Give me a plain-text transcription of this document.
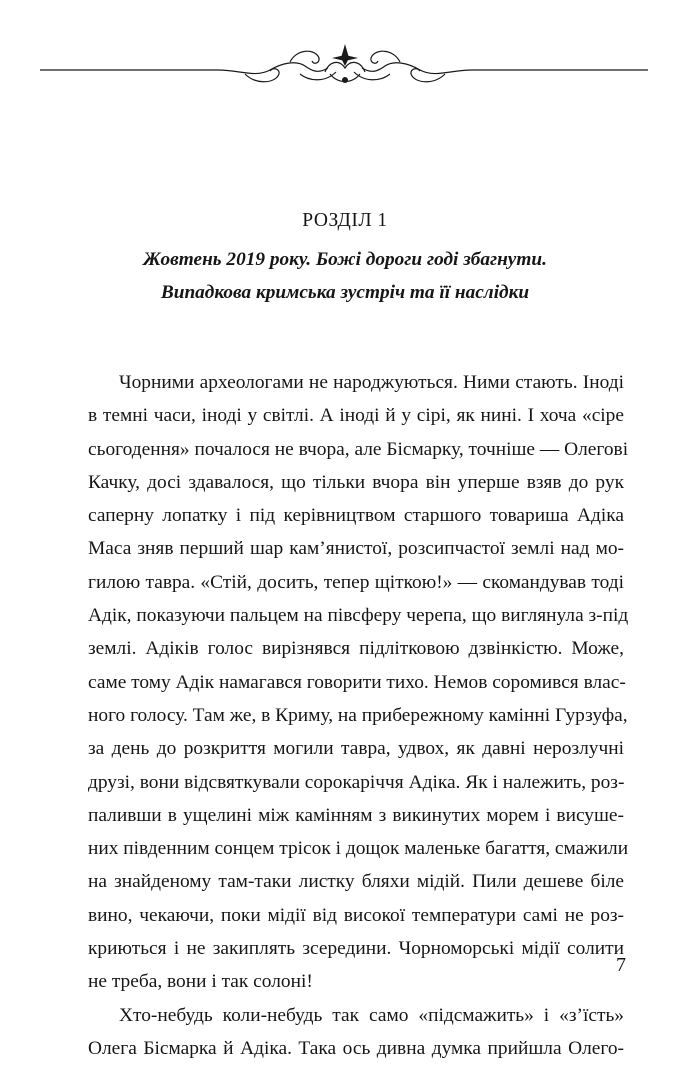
РОЗДІЛ 1
Жовтень 2019 року. Божі дороги годі збагнути.
Випадкова кримська зустріч та її наслідки
Чорними археологами не народжуються. Ними стають. Іноді
в темні часи, іноді у світлі. А іноді й у сірі, як нині. І хоча «сіре
сьогодення» почалося не вчора, але Бісмарку, точніше — Олегові
Качку, досі здавалося, що тільки вчора він уперше взяв до рук
саперну лопатку і під керівництвом старшого товариша Адіка
Маса зняв перший шар кам’янистої, розсипчастої землі над мо-
гилою тавра. «Стій, досить, тепер щіткою!» — скомандував тоді
Адік, показуючи пальцем на півсферу черепа, що виглянула з-під
землі. Адіків голос вирізнявся підлітковою дзвінкістю. Може,
саме тому Адік намагався говорити тихо. Немов соромився влас-
ного голосу. Там же, в Криму, на прибережному камінні Гурзуфа,
за день до розкриття могили тавра, удвох, як давні нерозлучні
друзі, вони відсвяткували сорокаріччя Адіка. Як і належить, роз-
паливши в ущелині між камінням з викинутих морем і висуше-
них південним сонцем трісок і дощок маленьке багаття, смажили
на знайденому там-таки листку бляхи мідій. Пили дешеве біле
вино, чекаючи, поки мідії від високої температури самі не роз-
криються і не закиплять зсередини. Чорноморські мідії солити
не треба, вони і так солоні!
Хто-небудь коли-небудь так само «підсмажить» і «з’їсть»
Олега Бісмарка й Адіка. Така ось дивна думка прийшла Олего-
7
